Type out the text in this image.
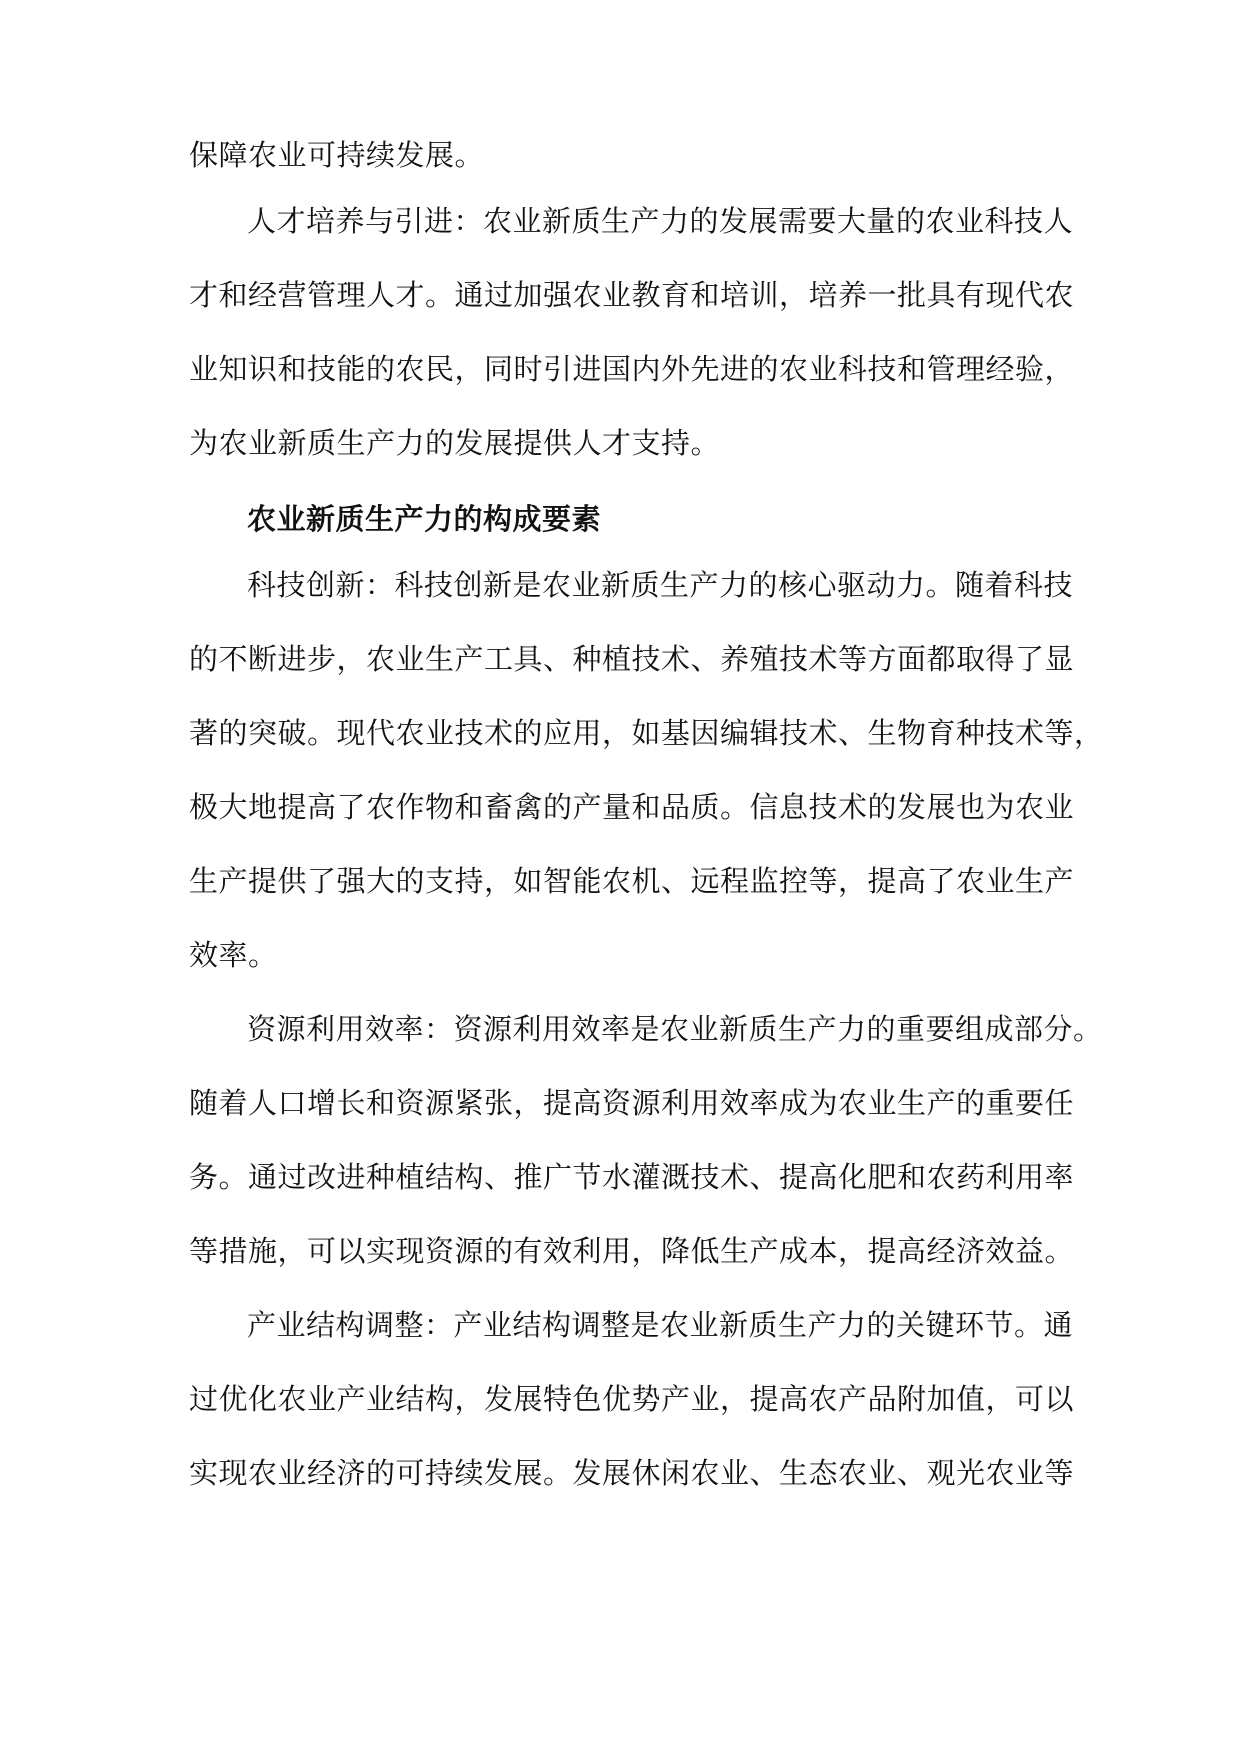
保障农业可持续发展。
人才培养与引进：农业新质生产力的发展需要大量的农业科技人
才和经营管理人才。通过加强农业教育和培训，培养一批具有现代农
业知识和技能的农民，同时引进国内外先进的农业科技和管理经验，
为农业新质生产力的发展提供人才支持。
农业新质生产力的构成要素
科技创新：科技创新是农业新质生产力的核心驱动力。随着科技
的不断进步，农业生产工具、种植技术、养殖技术等方面都取得了显
著的突破。现代农业技术的应用，如基因编辑技术、生物育种技术等，
极大地提高了农作物和畜禽的产量和品质。信息技术的发展也为农业
生产提供了强大的支持，如智能农机、远程监控等，提高了农业生产
效率。
资源利用效率：资源利用效率是农业新质生产力的重要组成部分。
随着人口增长和资源紧张，提高资源利用效率成为农业生产的重要任
务。通过改进种植结构、推广节水灌溉技术、提高化肥和农药利用率
等措施，可以实现资源的有效利用，降低生产成本，提高经济效益。
产业结构调整：产业结构调整是农业新质生产力的关键环节。通
过优化农业产业结构，发展特色优势产业，提高农产品附加值，可以
实现农业经济的可持续发展。发展休闲农业、生态农业、观光农业等
